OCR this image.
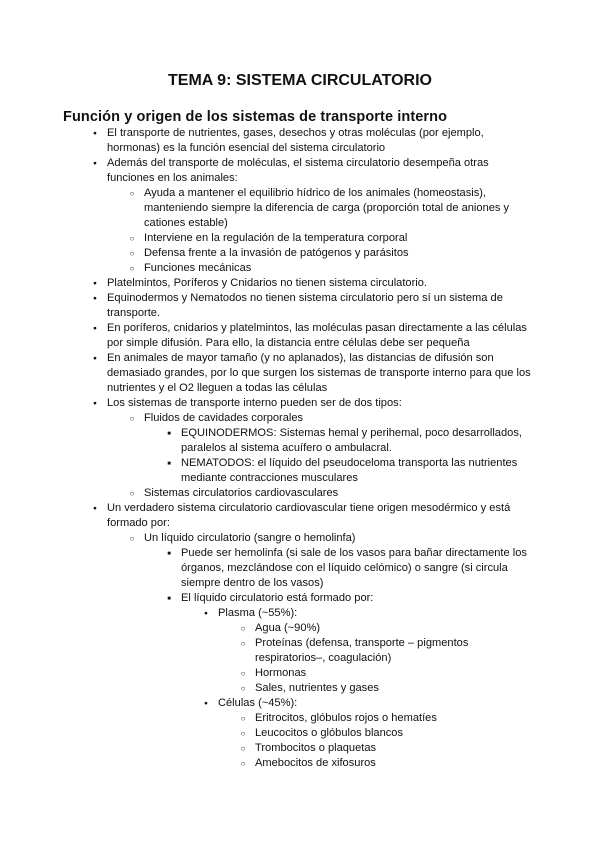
TEMA 9: SISTEMA CIRCULATORIO
Función y origen de los sistemas de transporte interno
●
El transporte de nutrientes, gases, desechos y otras moléculas (por ejemplo, hormonas) es la función esencial del sistema circulatorio
●
Además del transporte de moléculas, el sistema circulatorio desempeña otras funciones en los animales:
○
Ayuda a mantener el equilibrio hídrico de los animales (homeostasis), manteniendo siempre la diferencia de carga (proporción total de aniones y cationes estable)
○
Interviene en la regulación de la temperatura corporal
○
Defensa frente a la invasión de patógenos y parásitos
○
Funciones mecánicas
●
Platelmintos, Poríferos y Cnidarios no tienen sistema circulatorio.
●
Equinodermos y Nematodos no tienen sistema circulatorio pero sí un sistema de transporte.
●
En poríferos, cnidarios y platelmintos, las moléculas pasan directamente a las células por simple difusión. Para ello, la distancia entre células debe ser pequeña
●
En animales de mayor tamaño (y no aplanados), las distancias de difusión son demasiado grandes, por lo que surgen los sistemas de transporte interno para que los nutrientes y el O2 lleguen a todas las células
●
Los sistemas de transporte interno pueden ser de dos tipos:
○
Fluidos de cavidades corporales
■
EQUINODERMOS: Sistemas hemal y perihemal, poco desarrollados, paralelos al sistema acuífero o ambulacral.
■
NEMATODOS: el líquido del pseudoceloma transporta las nutrientes mediante contracciones musculares
○
Sistemas circulatorios cardiovasculares
●
Un verdadero sistema circulatorio cardiovascular tiene origen mesodérmico y está formado por:
○
Un líquido circulatorio (sangre o hemolinfa)
■
Puede ser hemolinfa (si sale de los vasos para bañar directamente los órganos, mezclándose con el líquido celómico) o sangre (si circula siempre dentro de los vasos)
■
El líquido circulatorio está formado por:
●
Plasma (~55%):
○
Agua (~90%)
○
Proteínas (defensa, transporte – pigmentos respiratorios–, coagulación)
○
Hormonas
○
Sales, nutrientes y gases
●
Células (~45%):
○
Eritrocitos, glóbulos rojos o hematíes
○
Leucocitos o glóbulos blancos
○
Trombocitos o plaquetas
○
Amebocitos de xifosuros
